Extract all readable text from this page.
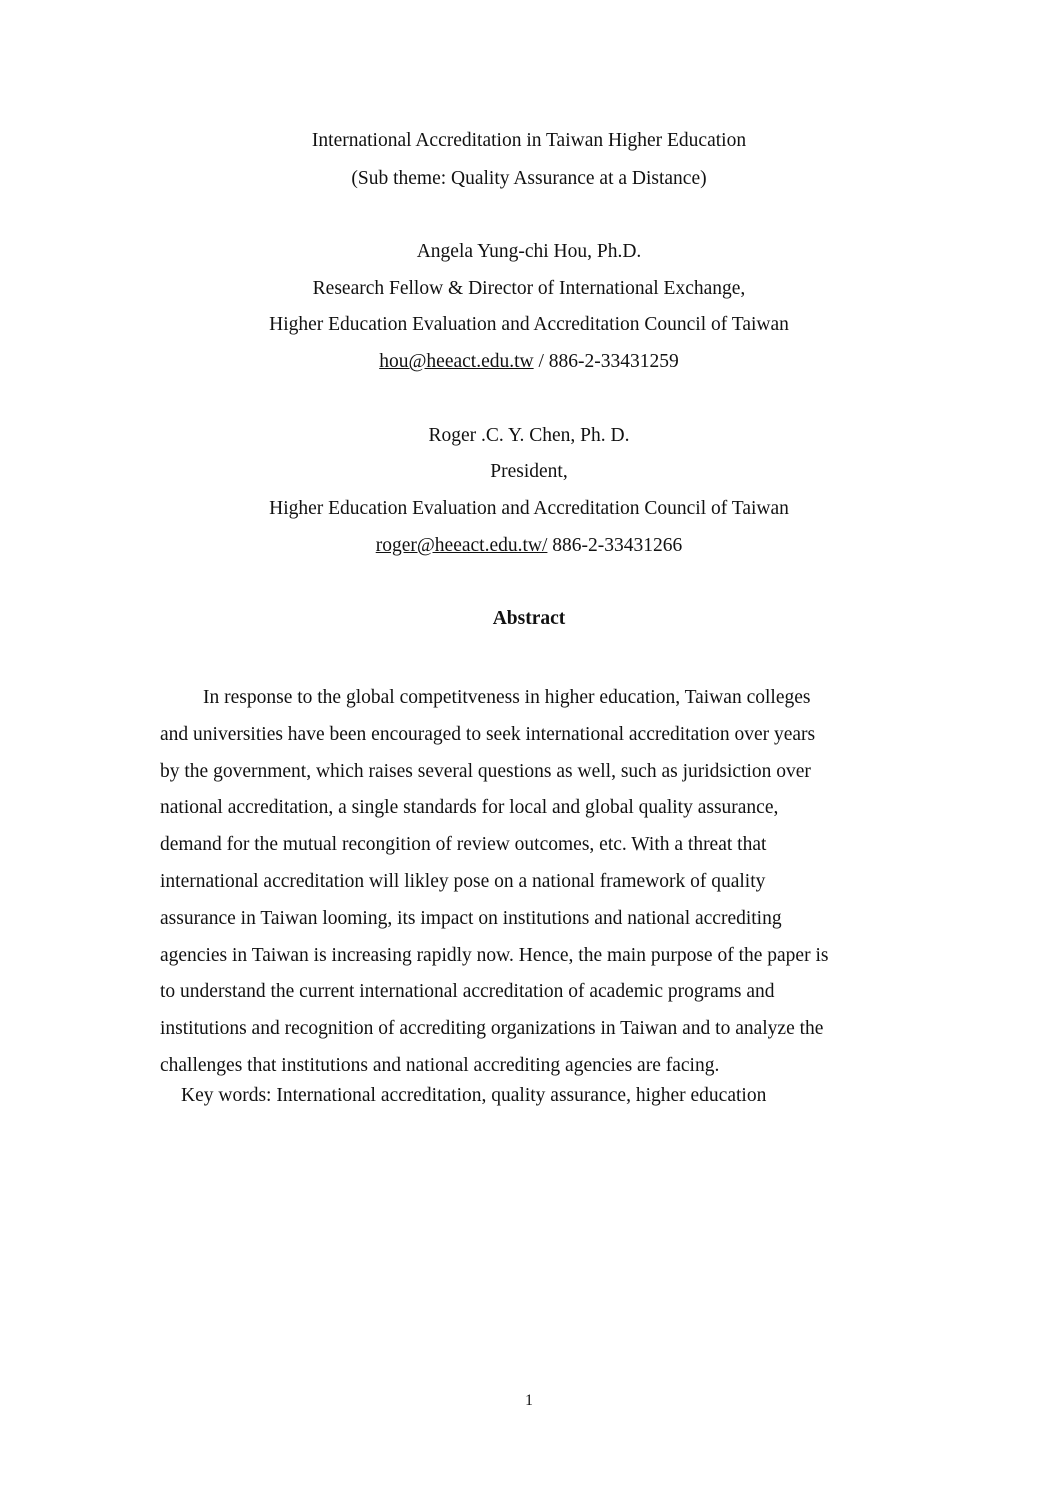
International Accreditation in Taiwan Higher Education
(Sub theme: Quality Assurance at a Distance)
Angela Yung-chi Hou, Ph.D.
Research Fellow & Director of International Exchange,
Higher Education Evaluation and Accreditation Council of Taiwan
hou@heeact.edu.tw / 886-2-33431259
Roger .C. Y. Chen, Ph. D.
President,
Higher Education Evaluation and Accreditation Council of Taiwan
roger@heeact.edu.tw/ 886-2-33431266
Abstract
In response to the global competitveness in higher education, Taiwan colleges
and universities have been encouraged to seek international accreditation over years
by the government, which raises several questions as well, such as juridsiction over
national accreditation, a single standards for local and global quality assurance,
demand for the mutual recongition of review outcomes, etc. With a threat that
international accreditation will likley pose on a national framework of quality
assurance in Taiwan looming, its impact on institutions and national accrediting
agencies in Taiwan is increasing rapidly now. Hence, the main purpose of the paper is
to understand the current international accreditation of academic programs and
institutions and recognition of accrediting organizations in Taiwan and to analyze the
challenges that institutions and national accrediting agencies are facing.
Key words: International accreditation, quality assurance, higher education
1
